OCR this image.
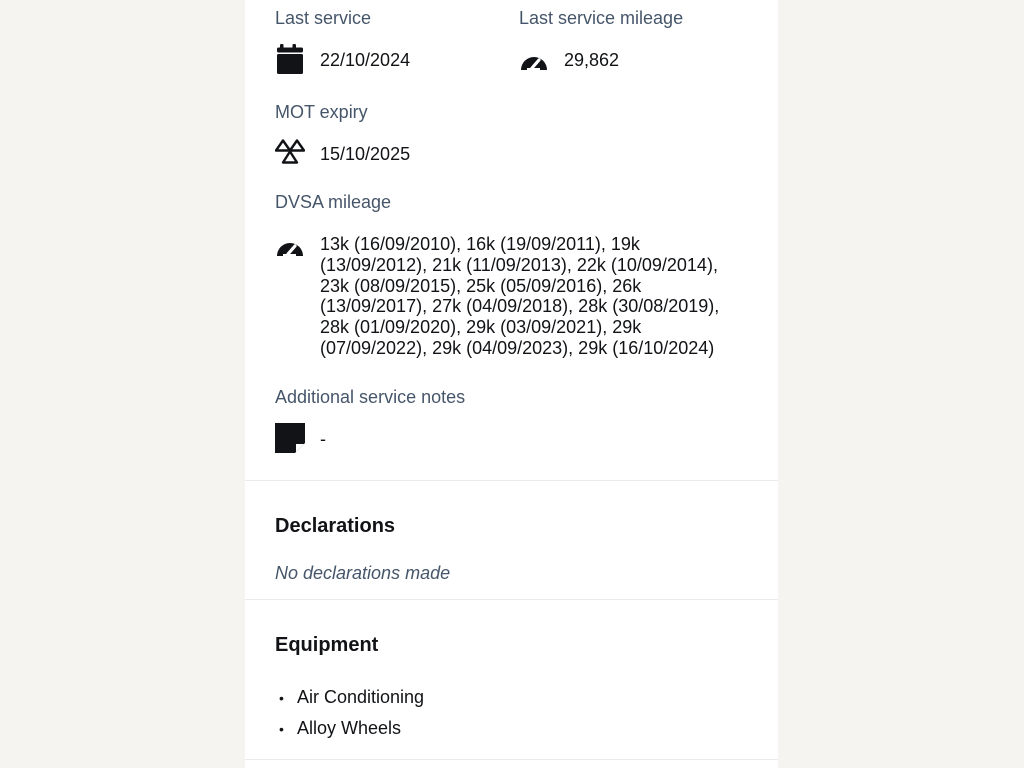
Last service
22/10/2024
Last service mileage
29,862
MOT expiry
15/10/2025
DVSA mileage
13k (16/09/2010), 16k (19/09/2011), 19k (13/09/2012), 21k (11/09/2013), 22k (10/09/2014), 23k (08/09/2015), 25k (05/09/2016), 26k (13/09/2017), 27k (04/09/2018), 28k (30/08/2019), 28k (01/09/2020), 29k (03/09/2021), 29k (07/09/2022), 29k (04/09/2023), 29k (16/10/2024)
Additional service notes
-
Declarations
No declarations made
Equipment
• Air Conditioning
• Alloy Wheels
